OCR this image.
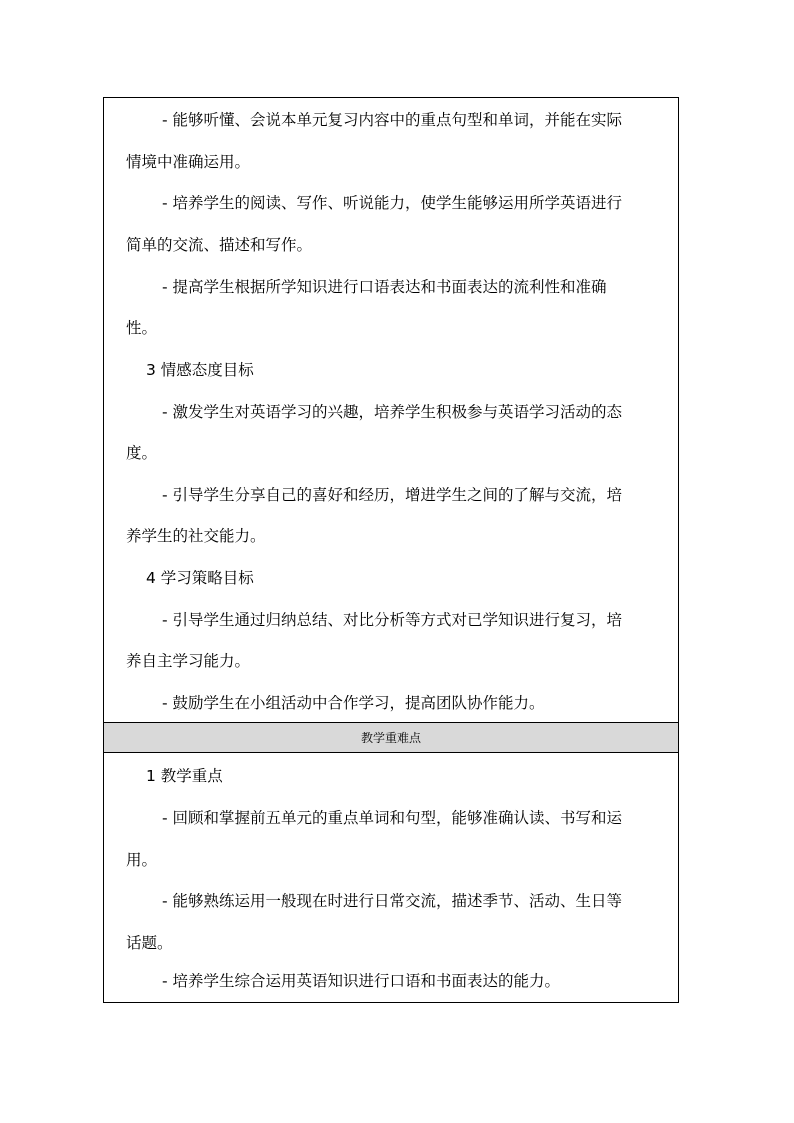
- 能够听懂、会说本单元复习内容中的重点句型和单词，并能在实际
情境中准确运用。
- 培养学生的阅读、写作、听说能力，使学生能够运用所学英语进行
简单的交流、描述和写作。
- 提高学生根据所学知识进行口语表达和书面表达的流利性和准确
性。
3 情感态度目标
- 激发学生对英语学习的兴趣，培养学生积极参与英语学习活动的态
度。
- 引导学生分享自己的喜好和经历，增进学生之间的了解与交流，培
养学生的社交能力。
4 学习策略目标
- 引导学生通过归纳总结、对比分析等方式对已学知识进行复习，培
养自主学习能力。
- 鼓励学生在小组活动中合作学习，提高团队协作能力。
教学重难点
1 教学重点
- 回顾和掌握前五单元的重点单词和句型，能够准确认读、书写和运
用。
- 能够熟练运用一般现在时进行日常交流，描述季节、活动、生日等
话题。
- 培养学生综合运用英语知识进行口语和书面表达的能力。
